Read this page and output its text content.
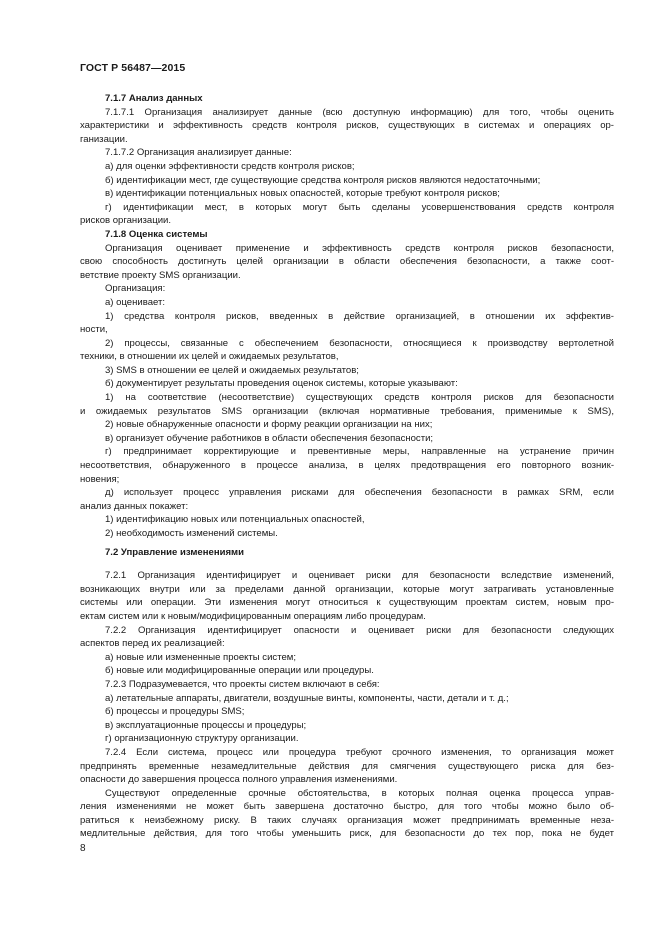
ГОСТ Р 56487—2015
7.1.7 Анализ данных
7.1.7.1 Организация анализирует данные (всю доступную информацию) для того, чтобы оценить
характеристики и эффективность средств контроля рисков, существующих в системах и операциях ор-
ганизации.
7.1.7.2 Организация анализирует данные:
а) для оценки эффективности средств контроля рисков;
б) идентификации мест, где существующие средства контроля рисков являются недостаточными;
в) идентификации потенциальных новых опасностей, которые требуют контроля рисков;
г) идентификации мест, в которых могут быть сделаны усовершенствования средств контроля
рисков организации.
7.1.8 Оценка системы
Организация оценивает применение и эффективность средств контроля рисков безопасности,
свою способность достигнуть целей организации в области обеспечения безопасности, а также соот-
ветствие проекту SMS организации.
Организация:
а) оценивает:
1) средства контроля рисков, введенных в действие организацией, в отношении их эффектив-
ности,
2) процессы, связанные с обеспечением безопасности, относящиеся к производству вертолетной
техники, в отношении их целей и ожидаемых результатов,
3) SMS в отношении ее целей и ожидаемых результатов;
б) документирует результаты проведения оценок системы, которые указывают:
1) на соответствие (несоответствие) существующих средств контроля рисков для безопасности
и ожидаемых результатов SMS организации (включая нормативные требования, применимые к SMS),
2) новые обнаруженные опасности и форму реакции организации на них;
в) организует обучение работников в области обеспечения безопасности;
г) предпринимает корректирующие и превентивные меры, направленные на устранение причин
несоответствия, обнаруженного в процессе анализа, в целях предотвращения его повторного возник-
новения;
д) использует процесс управления рисками для обеспечения безопасности в рамках SRM, если
анализ данных покажет:
1) идентификацию новых или потенциальных опасностей,
2) необходимость изменений системы.
7.2 Управление изменениями
7.2.1 Организация идентифицирует и оценивает риски для безопасности вследствие изменений,
возникающих внутри или за пределами данной организации, которые могут затрагивать установленные
системы или операции. Эти изменения могут относиться к существующим проектам систем, новым про-
ектам систем или к новым/модифицированным операциям либо процедурам.
7.2.2 Организация идентифицирует опасности и оценивает риски для безопасности следующих
аспектов перед их реализацией:
а) новые или измененные проекты систем;
б) новые или модифицированные операции или процедуры.
7.2.3 Подразумевается, что проекты систем включают в себя:
а) летательные аппараты, двигатели, воздушные винты, компоненты, части, детали и т. д.;
б) процессы и процедуры SMS;
в) эксплуатационные процессы и процедуры;
г) организационную структуру организации.
7.2.4 Если система, процесс или процедура требуют срочного изменения, то организация может
предпринять временные незамедлительные действия для смягчения существующего риска для без-
опасности до завершения процесса полного управления изменениями.
Существуют определенные срочные обстоятельства, в которых полная оценка процесса управ-
ления изменениями не может быть завершена достаточно быстро, для того чтобы можно было об-
ратиться к неизбежному риску. В таких случаях организация может предпринимать временные неза-
медлительные действия, для того чтобы уменьшить риск, для безопасности до тех пор, пока не будет
8
